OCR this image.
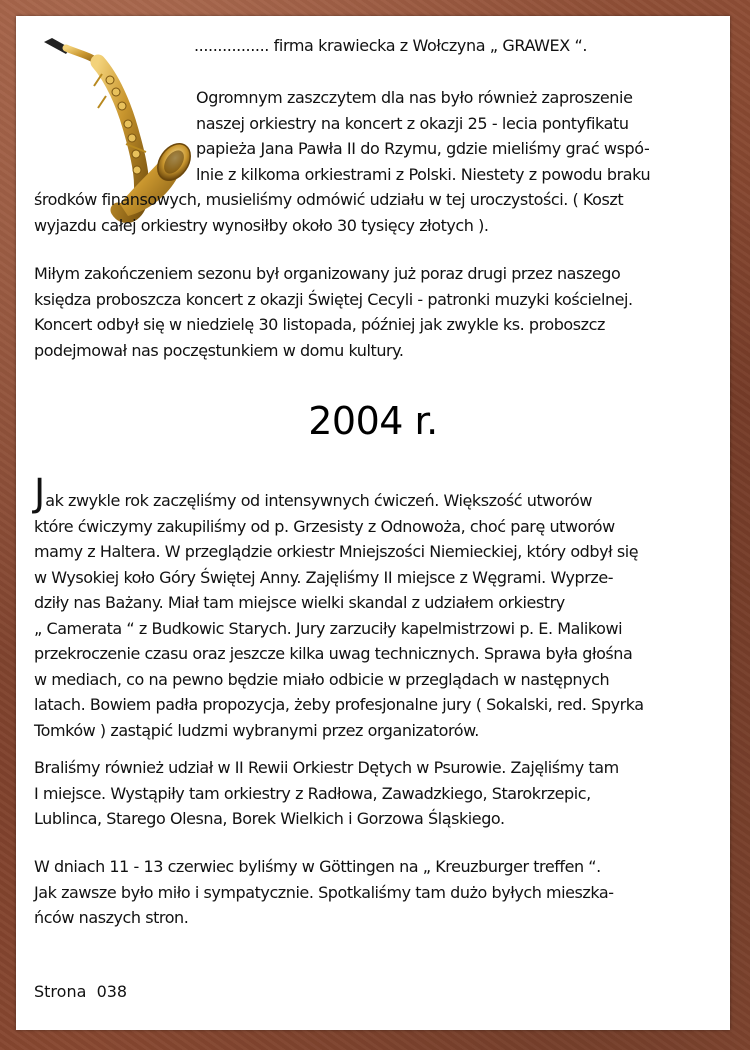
................ firma krawiecka z Wołczyna „ GRAWEX “.
Ogromnym zaszczytem dla nas było również zaproszenie
naszej orkiestry na koncert z okazji 25 - lecia pontyfikatu
papieża Jana Pawła II do Rzymu, gdzie mieliśmy grać wspó-
lnie z kilkoma orkiestrami z Polski. Niestety z powodu braku
środków finansowych, musieliśmy odmówić udziału w tej uroczystości. ( Koszt
wyjazdu całej orkiestry wynosiłby około 30 tysięcy złotych ).
Miłym zakończeniem sezonu był organizowany już poraz drugi przez naszego
księdza proboszcza koncert z okazji Świętej Cecyli - patronki muzyki kościelnej.
Koncert odbył się w niedzielę 30 listopada, później jak zwykle ks. proboszcz
podejmował nas poczęstunkiem w domu kultury.
2004 r.
Jak zwykle rok zaczęliśmy od intensywnych ćwiczeń. Większość utworów
które ćwiczymy zakupiliśmy od p. Grzesisty z Odnowoża, choć parę utworów
mamy z Haltera. W przeglądzie orkiestr Mniejszości Niemieckiej, który odbył się
w Wysokiej koło Góry Świętej Anny. Zajęliśmy II miejsce z Węgrami. Wyprze-
dziły nas Bażany. Miał tam miejsce wielki skandal z udziałem orkiestry
„ Camerata “ z Budkowic Starych. Jury zarzuciły kapelmistrzowi p. E. Malikowi
przekroczenie czasu oraz jeszcze kilka uwag technicznych. Sprawa była głośna
w mediach, co na pewno będzie miało odbicie w przeglądach w następnych
latach. Bowiem padła propozycja, żeby profesjonalne jury ( Sokalski, red. Spyrka
Tomków ) zastąpić ludzmi wybranymi przez organizatorów.
Braliśmy również udział w II Rewii Orkiestr Dętych w Psurowie. Zajęliśmy tam
I miejsce. Wystąpiły tam orkiestry z Radłowa, Zawadzkiego, Starokrzepic,
Lublinca, Starego Olesna, Borek Wielkich i Gorzowa Śląskiego.
W dniach 11 - 13 czerwiec byliśmy w Göttingen na „ Kreuzburger treffen “.
Jak zawsze było miło i sympatycznie. Spotkaliśmy tam dużo byłych mieszka-
ńców naszych stron.
Strona  038
